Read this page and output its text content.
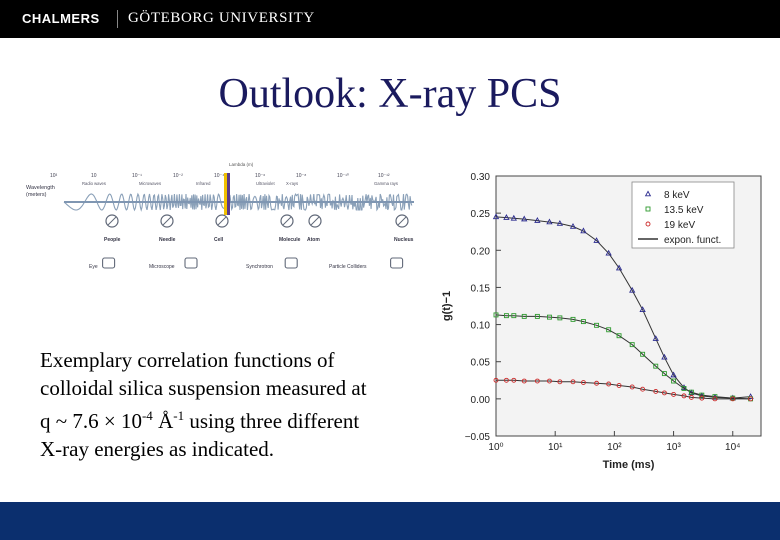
CHALMERS GÖTEBORG UNIVERSITY
Outlook: X-ray PCS
Lambda (m)
10³	10	10⁻¹	10⁻²	10⁻⁴	10⁻⁶	10⁻⁸	10⁻¹⁰	10⁻¹²
Radio waves	Microwaves	Infrared	Ultraviolet	X-rays	Gamma rays
Wavelength
(meters)
People	Needle	Cell	Molecule Atom	Nucleus
Eye	Microscope	Synchrotron	Particle Colliders
Exemplary correlation functions of
colloidal silica suspension measured at
q ~ $7.6 \times 10^{-4}$ $Å^{-1}$ using three different
X-ray energies as indicated.
0.30
0.25
0.20
0.15
0.10
0.05
0.00
−0.05
10⁰	10¹	10²	10³	10⁴
Time (ms)
g(t)−1
8 keV
13.5 keV
19 keV
expon. funct.
